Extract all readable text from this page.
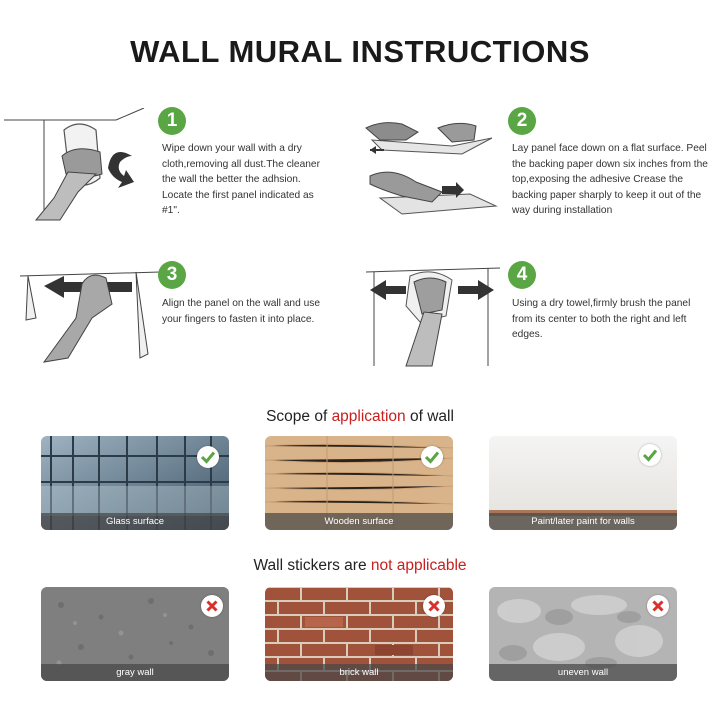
WALL MURAL INSTRUCTIONS
1
Wipe down your wall with a dry cloth,removing all dust.The cleaner the wall the better the adhsion. Locate the first panel indicated as #1".
2
Lay panel face down on a flat surface. Peel the backing paper down six inches from the top,exposing the adhesive Crease the backing paper sharply to keep it out of the way during installation
3
Align the panel on the wall and use your fingers to fasten it into place.
4
Using a dry towel,firmly brush the panel from its center to both the right and left edges.
Scope of application of wall
Glass surface	Wooden surface	Paint/later paint for walls
Wall stickers are not applicable
gray wall	brick wall	uneven wall
